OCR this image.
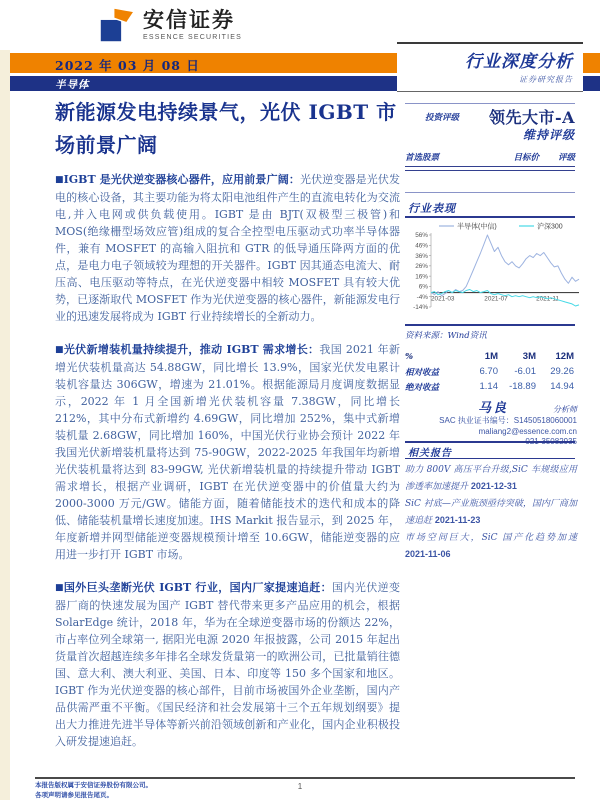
安信证券
ESSENCE SECURITIES
2022 年 03 月 08 日
半导体
行业深度分析
证券研究报告
新能源发电持续景气，光伏 IGBT 市场前景广阔

■IGBT 是光伏逆变器核心器件，应用前景广阔：光伏逆变器是光伏发电的核心设备，其主要功能为将太阳电池组件产生的直流电转化为交流电,并入电网或供负载使用。IGBT 是由 BJT(双极型三极管)和 MOS(绝缘栅型场效应管)组成的复合全控型电压驱动式功率半导体器件，兼有 MOSFET 的高输入阻抗和 GTR 的低导通压降两方面的优点，是电力电子领域较为理想的开关器件。IGBT 因其通态电流大、耐压高、电压驱动等特点，在光伏逆变器中相较 MOSFET 具有较大优势，已逐渐取代 MOSFET 作为光伏逆变器的核心器件，新能源发电行业的迅速发展将成为 IGBT 行业持续增长的全新动力。

■光伏新增装机量持续提升，推动 IGBT 需求增长：我国 2021 年新增光伏装机量高达 54.88GW，同比增长 13.9%，国家光伏发电累计装机容量达 306GW，增速为 21.01%。根据能源局月度调度数据显示，2022 年 1 月全国新增光伏装机容量 7.38GW，同比增长 212%，其中分布式新增约 4.69GW，同比增加 252%，集中式新增装机量 2.68GW，同比增加 160%，中国光伏行业协会预计 2022 年我国光伏新增装机量将达到 75-90GW，2022-2025 年我国年均新增光伏装机量将达到 83-99GW, 光伏新增装机量的持续提升带动 IGBT 需求增长，根据产业调研，IGBT 在光伏逆变器中的价值量大约为 2000-3000 万元/GW。储能方面，随着储能技术的迭代和成本的降低、储能装机量增长速度加速。IHS Markit 报告显示，到 2025 年，年度新增并网型储能逆变器规模预计增至 10.6GW，储能逆变器的应用进一步打开 IGBT 市场。

■国外巨头垄断光伏 IGBT 行业，国内厂家提速追赶：国内光伏逆变器厂商的快速发展为国产 IGBT 替代带来更多产品应用的机会，根据 SolarEdge 统计，2018 年，华为在全球逆变器市场的份额达 22%，市占率位列全球第一, 据阳光电源 2020 年报披露，公司 2015 年起出货量首次超越连续多年排名全球发货量第一的欧洲公司，已批量销往德国、意大利、澳大利亚、美国、日本、印度等 150 多个国家和地区。IGBT 作为光伏逆变器的核心部件，目前市场被国外企业垄断，国内产品供需严重不平衡。《国民经济和社会发展第十三个五年规划纲要》提出大力推进先进半导体等新兴前沿领域创新和产业化，国内企业积极投入研发提速追赶。

投资评级 领先大市-A
维持评级
首选股票	目标价	评级
行业表现
半导体(中信)	沪深300
56%
46%
36%
26%
16%
6%
-4%
-14%
2021-03	2021-07	2021-11
资料来源：Wind资讯
%	1M	3M	12M
相对收益	6.70	-6.01	29.26
绝对收益	1.14	-18.89	14.94
马良	分析师
SAC 执业证书编号：S1450518060001
maliang2@essence.com.cn
021-35082935
相关报告
助力 800V 高压平台升级,SiC 车规级应用渗透率加速提升 2021-12-31
SiC 衬底—产业瓶颈亟待突破，国内厂商加速追赶 2021-11-23
市场空间巨大，SiC 国产化趋势加速 2021-11-06
本报告版权属于安信证券股份有限公司。
各项声明请参见报告尾页。
1
